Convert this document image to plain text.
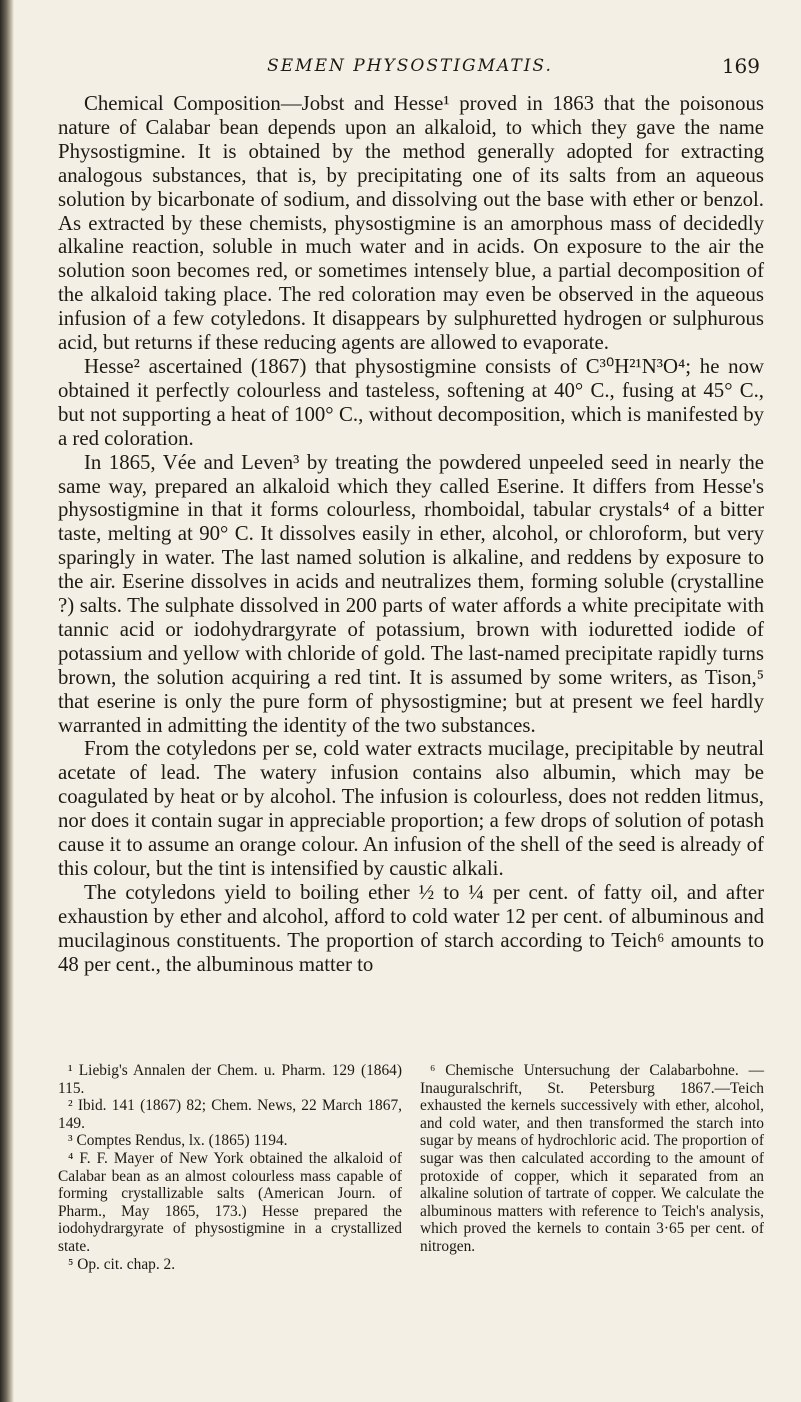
SEMEN PHYSOSTIGMATIS.	169

Chemical Composition—Jobst and Hesse¹ proved in 1863 that the poisonous nature of Calabar bean depends upon an alkaloid, to which they gave the name Physostigmine. It is obtained by the method generally adopted for extracting analogous substances, that is, by precipitating one of its salts from an aqueous solution by bicarbonate of sodium, and dissolving out the base with ether or benzol. As extracted by these chemists, physostigmine is an amorphous mass of decidedly alkaline reaction, soluble in much water and in acids. On exposure to the air the solution soon becomes red, or sometimes intensely blue, a partial decomposition of the alkaloid taking place. The red coloration may even be observed in the aqueous infusion of a few cotyledons. It disappears by sulphuretted hydrogen or sulphurous acid, but returns if these reducing agents are allowed to evaporate.

Hesse² ascertained (1867) that physostigmine consists of C³⁰H²¹N³O⁴; he now obtained it perfectly colourless and tasteless, softening at 40° C., fusing at 45° C., but not supporting a heat of 100° C., without decomposition, which is manifested by a red coloration.

In 1865, Vée and Leven³ by treating the powdered unpeeled seed in nearly the same way, prepared an alkaloid which they called Eserine. It differs from Hesse's physostigmine in that it forms colourless, rhomboidal, tabular crystals⁴ of a bitter taste, melting at 90° C. It dissolves easily in ether, alcohol, or chloroform, but very sparingly in water. The last named solution is alkaline, and reddens by exposure to the air. Eserine dissolves in acids and neutralizes them, forming soluble (crystalline ?) salts. The sulphate dissolved in 200 parts of water affords a white precipitate with tannic acid or iodohydrargyrate of potassium, brown with ioduretted iodide of potassium and yellow with chloride of gold. The last-named precipitate rapidly turns brown, the solution acquiring a red tint. It is assumed by some writers, as Tison,⁵ that eserine is only the pure form of physostigmine; but at present we feel hardly warranted in admitting the identity of the two substances.

From the cotyledons per se, cold water extracts mucilage, precipitable by neutral acetate of lead. The watery infusion contains also albumin, which may be coagulated by heat or by alcohol. The infusion is colourless, does not redden litmus, nor does it contain sugar in appreciable proportion; a few drops of solution of potash cause it to assume an orange colour. An infusion of the shell of the seed is already of this colour, but the tint is intensified by caustic alkali.

The cotyledons yield to boiling ether ½ to ¼ per cent. of fatty oil, and after exhaustion by ether and alcohol, afford to cold water 12 per cent. of albuminous and mucilaginous constituents. The proportion of starch according to Teich⁶ amounts to 48 per cent., the albuminous matter to

¹ Liebig's Annalen der Chem. u. Pharm. 129 (1864) 115.

² Ibid. 141 (1867) 82; Chem. News, 22 March 1867, 149.

³ Comptes Rendus, lx. (1865) 1194.

⁴ F. F. Mayer of New York obtained the alkaloid of Calabar bean as an almost colourless mass capable of forming crystallizable salts (American Journ. of Pharm., May 1865, 173.) Hesse prepared the iodohydrargyrate of physostigmine in a crystallized state.

⁵ Op. cit. chap. 2.

⁶ Chemische Untersuchung der Calabarbohne. — Inauguralschrift, St. Petersburg 1867.—Teich exhausted the kernels successively with ether, alcohol, and cold water, and then transformed the starch into sugar by means of hydrochloric acid. The proportion of sugar was then calculated according to the amount of protoxide of copper, which it separated from an alkaline solution of tartrate of copper. We calculate the albuminous matters with reference to Teich's analysis, which proved the kernels to contain 3·65 per cent. of nitrogen.
